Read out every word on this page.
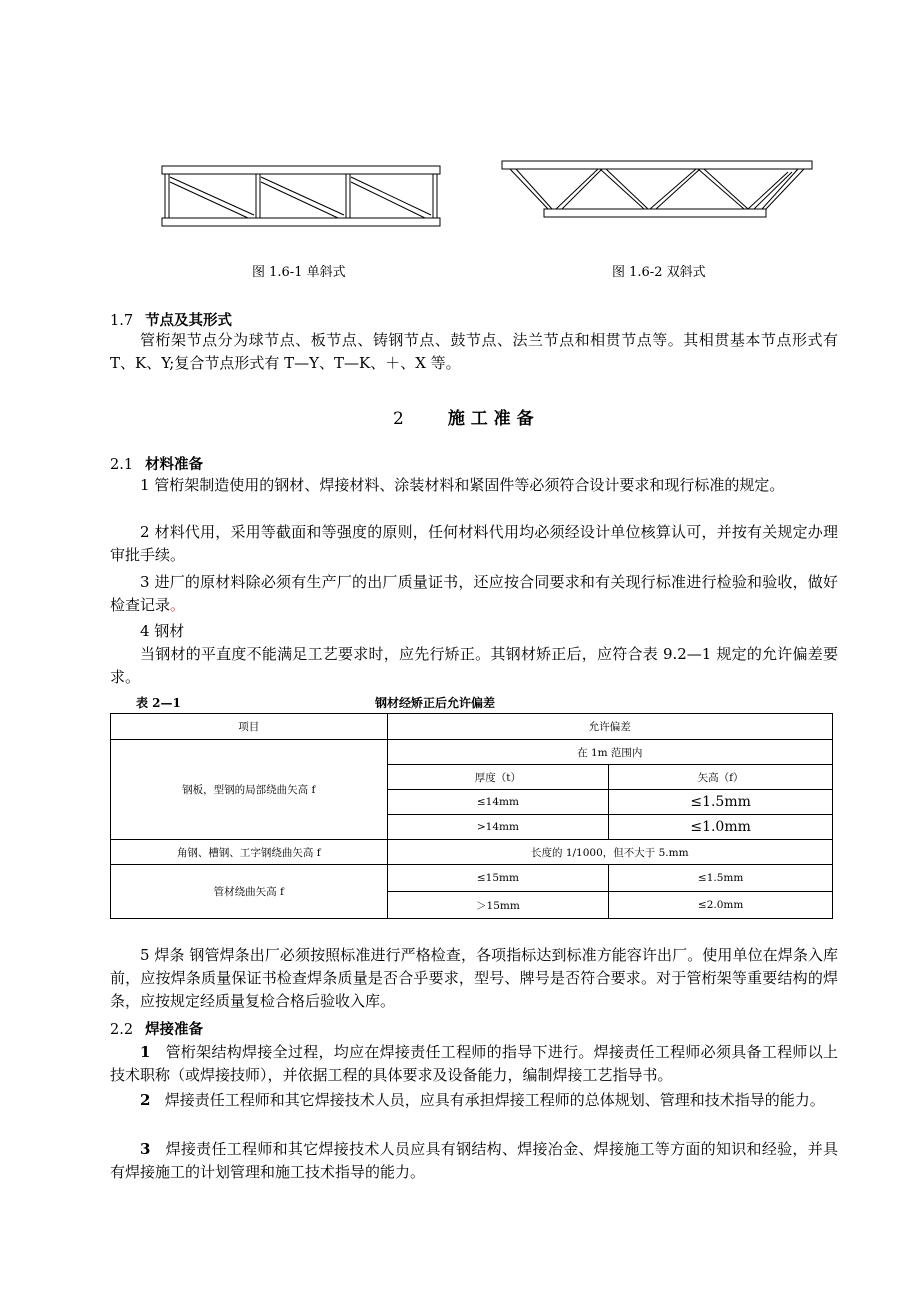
图 1.6-1 单斜式	图 1.6-2 双斜式
1.7 节点及其形式
管桁架节点分为球节点、板节点、铸钢节点、鼓节点、法兰节点和相贯节点等。其相贯基本节点形式有 T、K、Y;复合节点形式有 T—Y、T—K、＋、X 等。
2	施 工 准 备
2.1 材料准备
1 管桁架制造使用的钢材、焊接材料、涂装材料和紧固件等必须符合设计要求和现行标准的规定。
2 材料代用，采用等截面和等强度的原则，任何材料代用均必须经设计单位核算认可，并按有关规定办理审批手续。
3 进厂的原材料除必须有生产厂的出厂质量证书，还应按合同要求和有关现行标准进行检验和验收，做好检查记录。
4 钢材
当钢材的平直度不能满足工艺要求时，应先行矫正。其钢材矫正后，应符合表 9.2—1 规定的允许偏差要求。
表 2—1	钢材经矫正后允许偏差
项目	允许偏差	
钢板，型钢的局部绕曲矢高 f	在 1m 范围内	
	厚度（t）	矢高（f）
	≤14mm	≤1.5mm
	>14mm	≤1.0mm
角钢、槽钢、工字钢绕曲矢高 f	长度的 1/1000，但不大于 5.mm	
管材绕曲矢高 f	≤15mm	≤1.5mm
	＞15mm	≤2.0mm
5 焊条 钢管焊条出厂必须按照标准进行严格检查，各项指标达到标准方能容许出厂。使用单位在焊条入库前，应按焊条质量保证书检查焊条质量是否合乎要求，型号、牌号是否符合要求。对于管桁架等重要结构的焊条，应按规定经质量复检合格后验收入库。
2.2 焊接准备
1 管桁架结构焊接全过程，均应在焊接责任工程师的指导下进行。焊接责任工程师必须具备工程师以上技术职称（或焊接技师），并依据工程的具体要求及设备能力，编制焊接工艺指导书。
2 焊接责任工程师和其它焊接技术人员，应具有承担焊接工程师的总体规划、管理和技术指导的能力。
3 焊接责任工程师和其它焊接技术人员应具有钢结构、焊接冶金、焊接施工等方面的知识和经验，并具有焊接施工的计划管理和施工技术指导的能力。
